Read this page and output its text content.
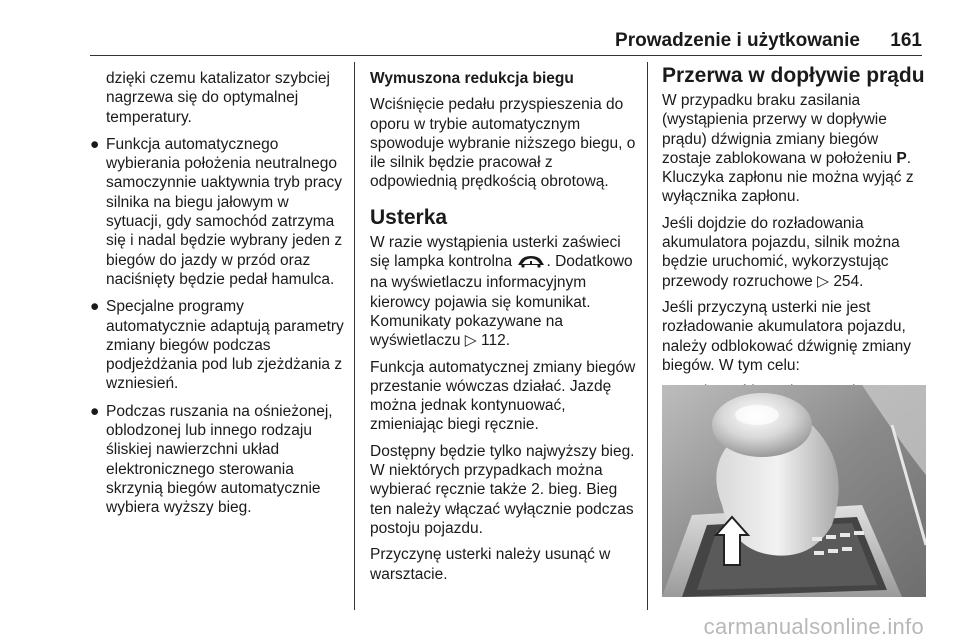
Prowadzenie i użytkowanie 161

dzięki czemu katalizator szybciej nagrzewa się do optymalnej temperatury.

● Funkcja automatycznego wybierania położenia neutralnego samoczynnie uaktywnia tryb pracy silnika na biegu jałowym w sytuacji, gdy samochód zatrzyma się i nadal będzie wybrany jeden z biegów do jazdy w przód oraz naciśnięty będzie pedał hamulca.
● Specjalne programy automatycznie adaptują parametry zmiany biegów podczas podjeżdżania pod lub zjeżdżania z wzniesień.
● Podczas ruszania na ośnieżonej, oblodzonej lub innego rodzaju śliskiej nawierzchni układ elektronicznego sterowania skrzynią biegów automatycznie wybiera wyższy bieg.
Wymuszona redukcja biegu

Wciśnięcie pedału przyspieszenia do oporu w trybie automatycznym spowoduje wybranie niższego biegu, o ile silnik będzie pracował z odpowiednią prędkością obrotową.

Usterka

W razie wystąpienia usterki zaświeci się lampka kontrolna . Dodatkowo na wyświetlaczu informacyjnym kierowcy pojawia się komunikat. Komunikaty pokazywane na wyświetlaczu ▷ 112.

Funkcja automatycznej zmiany biegów przestanie wówczas działać. Jazdę można jednak kontynuować, zmieniając biegi ręcznie.

Dostępny będzie tylko najwyższy bieg. W niektórych przypadkach można wybierać ręcznie także 2. bieg. Bieg ten należy włączać wyłącznie podczas postoju pojazdu.

Przyczynę usterki należy usunąć w warsztacie.

Przerwa w dopływie prądu

W przypadku braku zasilania (wystąpienia przerwy w dopływie prądu) dźwignia zmiany biegów zostaje zablokowana w położeniu P. Kluczyka zapłonu nie można wyjąć z wyłącznika zapłonu.

Jeśli dojdzie do rozładowania akumulatora pojazdu, silnik można będzie uruchomić, wykorzystując przewody rozruchowe ▷ 254.

Jeśli przyczyną usterki nie jest rozładowanie akumulatora pojazdu, należy odblokować dźwignię zmiany biegów. W tym celu:

carmanualsonline.info
